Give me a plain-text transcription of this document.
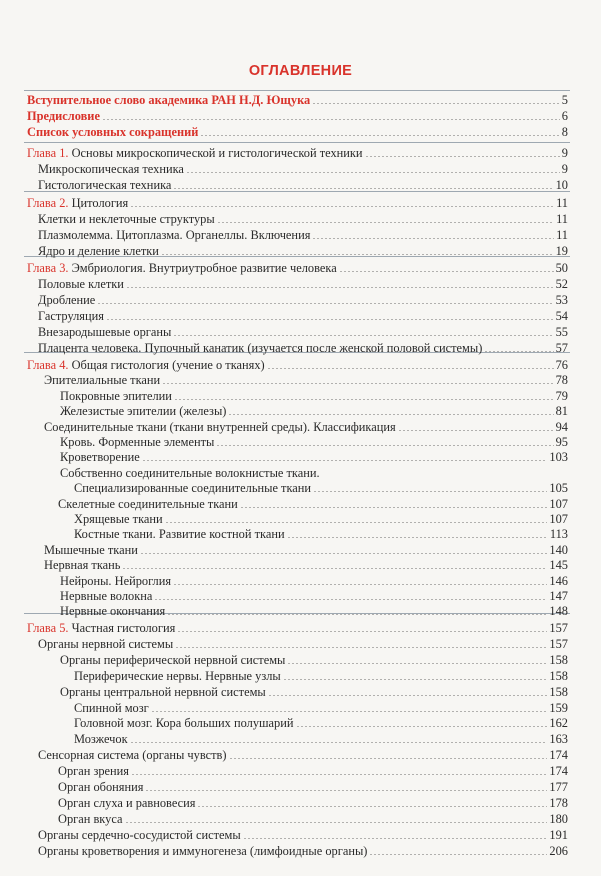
ОГЛАВЛЕНИЕ
Вступительное слово академика РАН Н.Д. Ющука	5
Предисловие	6
Список условных сокращений	8
Глава 1. Основы микроскопической и гистологической техники	9
Микроскопическая техника	9
Гистологическая техника	10
Глава 2. Цитология	11
Клетки и неклеточные структуры	11
Плазмолемма. Цитоплазма. Органеллы. Включения	11
Ядро и деление клетки	19
Глава 3. Эмбриология. Внутриутробное развитие человека	50
Половые клетки	52
Дробление	53
Гаструляция	54
Внезародышевые органы	55
Плацента человека. Пупочный канатик (изучается после женской половой системы)	57
Глава 4. Общая гистология (учение о тканях)	76
Эпителиальные ткани	78
Покровные эпителии	79
Железистые эпителии (железы)	81
Соединительные ткани (ткани внутренней среды). Классификация	94
Кровь. Форменные элементы	95
Кроветворение	103
Собственно соединительные волокнистые ткани.
Специализированные соединительные ткани	105
Скелетные соединительные ткани	107
Хрящевые ткани	107
Костные ткани. Развитие костной ткани	113
Мышечные ткани	140
Нервная ткань	145
Нейроны. Нейроглия	146
Нервные волокна	147
Нервные окончания	148
Глава 5. Частная гистология	157
Органы нервной системы	157
Органы периферической нервной системы	158
Периферические нервы. Нервные узлы	158
Органы центральной нервной системы	158
Спинной мозг	159
Головной мозг. Кора больших полушарий	162
Мозжечок	163
Сенсорная система (органы чувств)	174
Орган зрения	174
Орган обоняния	177
Орган слуха и равновесия	178
Орган вкуса	180
Органы сердечно-сосудистой системы	191
Органы кроветворения и иммуногенеза (лимфоидные органы)	206
